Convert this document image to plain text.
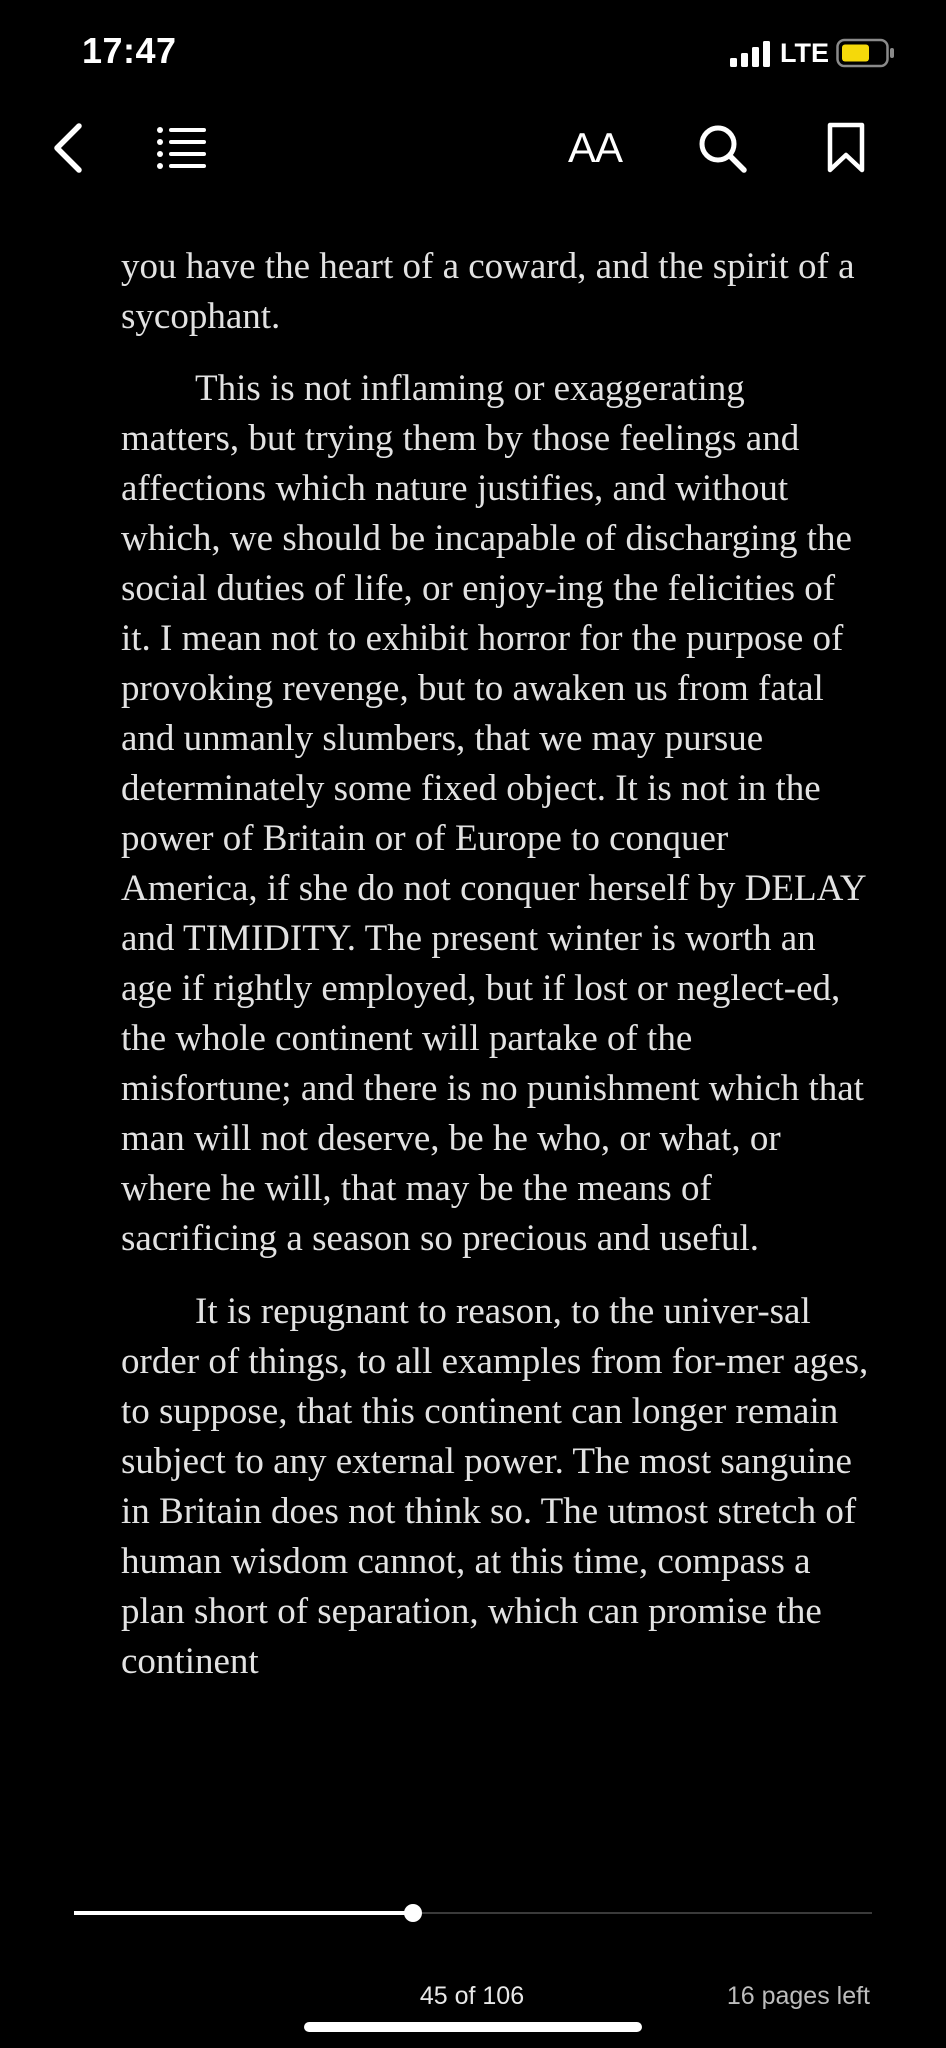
17:47	LTE
AA

you have the heart of a coward, and the spirit of a sycophant.

This is not inflaming or exaggerating matters, but trying them by those feelings and affections which nature justifies, and without which, we should be incapable of discharging the social duties of life, or enjoy-ing the felicities of it. I mean not to exhibit horror for the purpose of provoking revenge, but to awaken us from fatal and unmanly slumbers, that we may pursue determinately some fixed object. It is not in the power of Britain or of Europe to conquer America, if she do not conquer herself by DELAY and TIMIDITY. The present winter is worth an age if rightly employed, but if lost or neglect-ed, the whole continent will partake of the misfortune; and there is no punishment which that man will not deserve, be he who, or what, or where he will, that may be the means of sacrificing a season so precious and useful.

It is repugnant to reason, to the univer-sal order of things, to all examples from for-mer ages, to suppose, that this continent can longer remain subject to any external power. The most sanguine in Britain does not think so. The utmost stretch of human wisdom cannot, at this time, compass a plan short of separation, which can promise the continent

45 of 106	16 pages left
